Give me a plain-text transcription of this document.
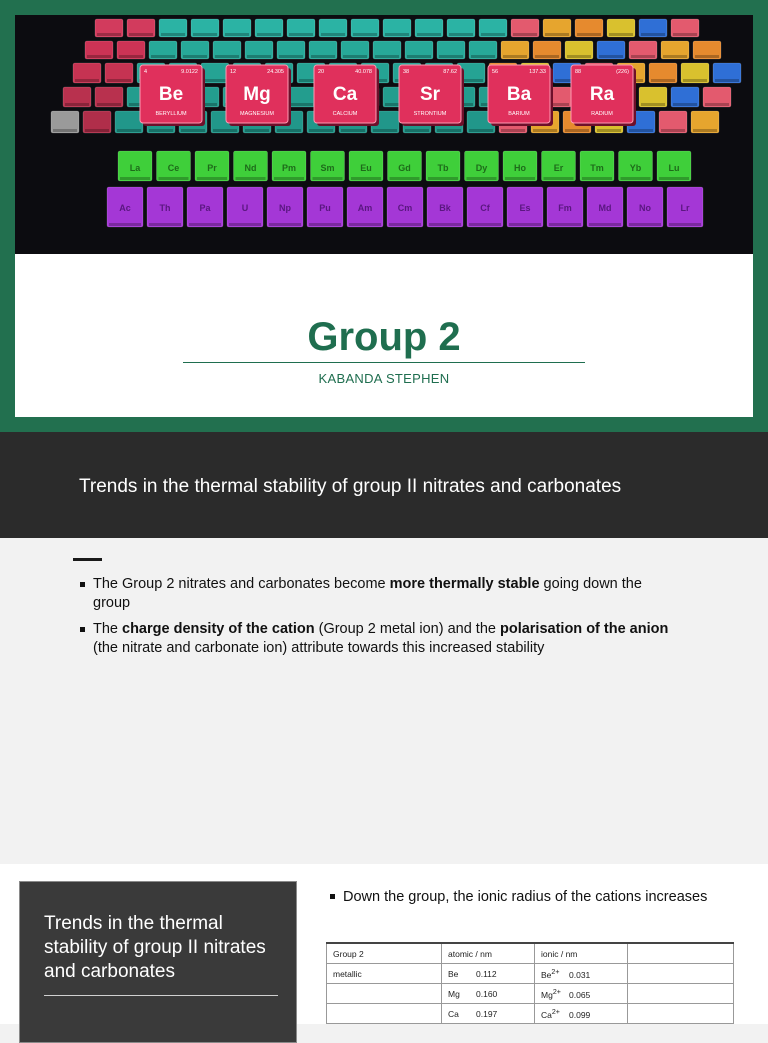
La	Ce	Pr	Nd	Pm	Sm	Eu	Gd	Tb	Dy	Ho	Er	Tm	Yb	Lu
Ac	Th	Pa	U	Np	Pu	Am	Cm	Bk	Cf	Es	Fm	Md	No	Lr
4	9.0122
Be
BERYLLIUM
12	24.305
Mg
MAGNESIUM
20	40.078
Ca
CALCIUM
38	87.62
Sr
STRONTIUM
56	137.33
Ba
BARIUM
88	(226)
Ra
RADIUM
Group 2
KABANDA STEPHEN
Trends in the thermal stability of group II nitrates and carbonates
The Group 2 nitrates and carbonates become more thermally stable going down the group
The charge density of the cation (Group 2 metal ion) and the polarisation of the anion (the nitrate and carbonate ion) attribute towards this increased stability
Trends in the thermal stability of group II nitrates and carbonates
Down the group, the ionic radius of the cations increases
Group 2	atomic / nm	ionic / nm	
metallic	Be 0.112	$Be^{2+}$ 0.031	
	Mg 0.160	$Mg^{2+}$ 0.065	
	Ca 0.197	$Ca^{2+}$ 0.099	
